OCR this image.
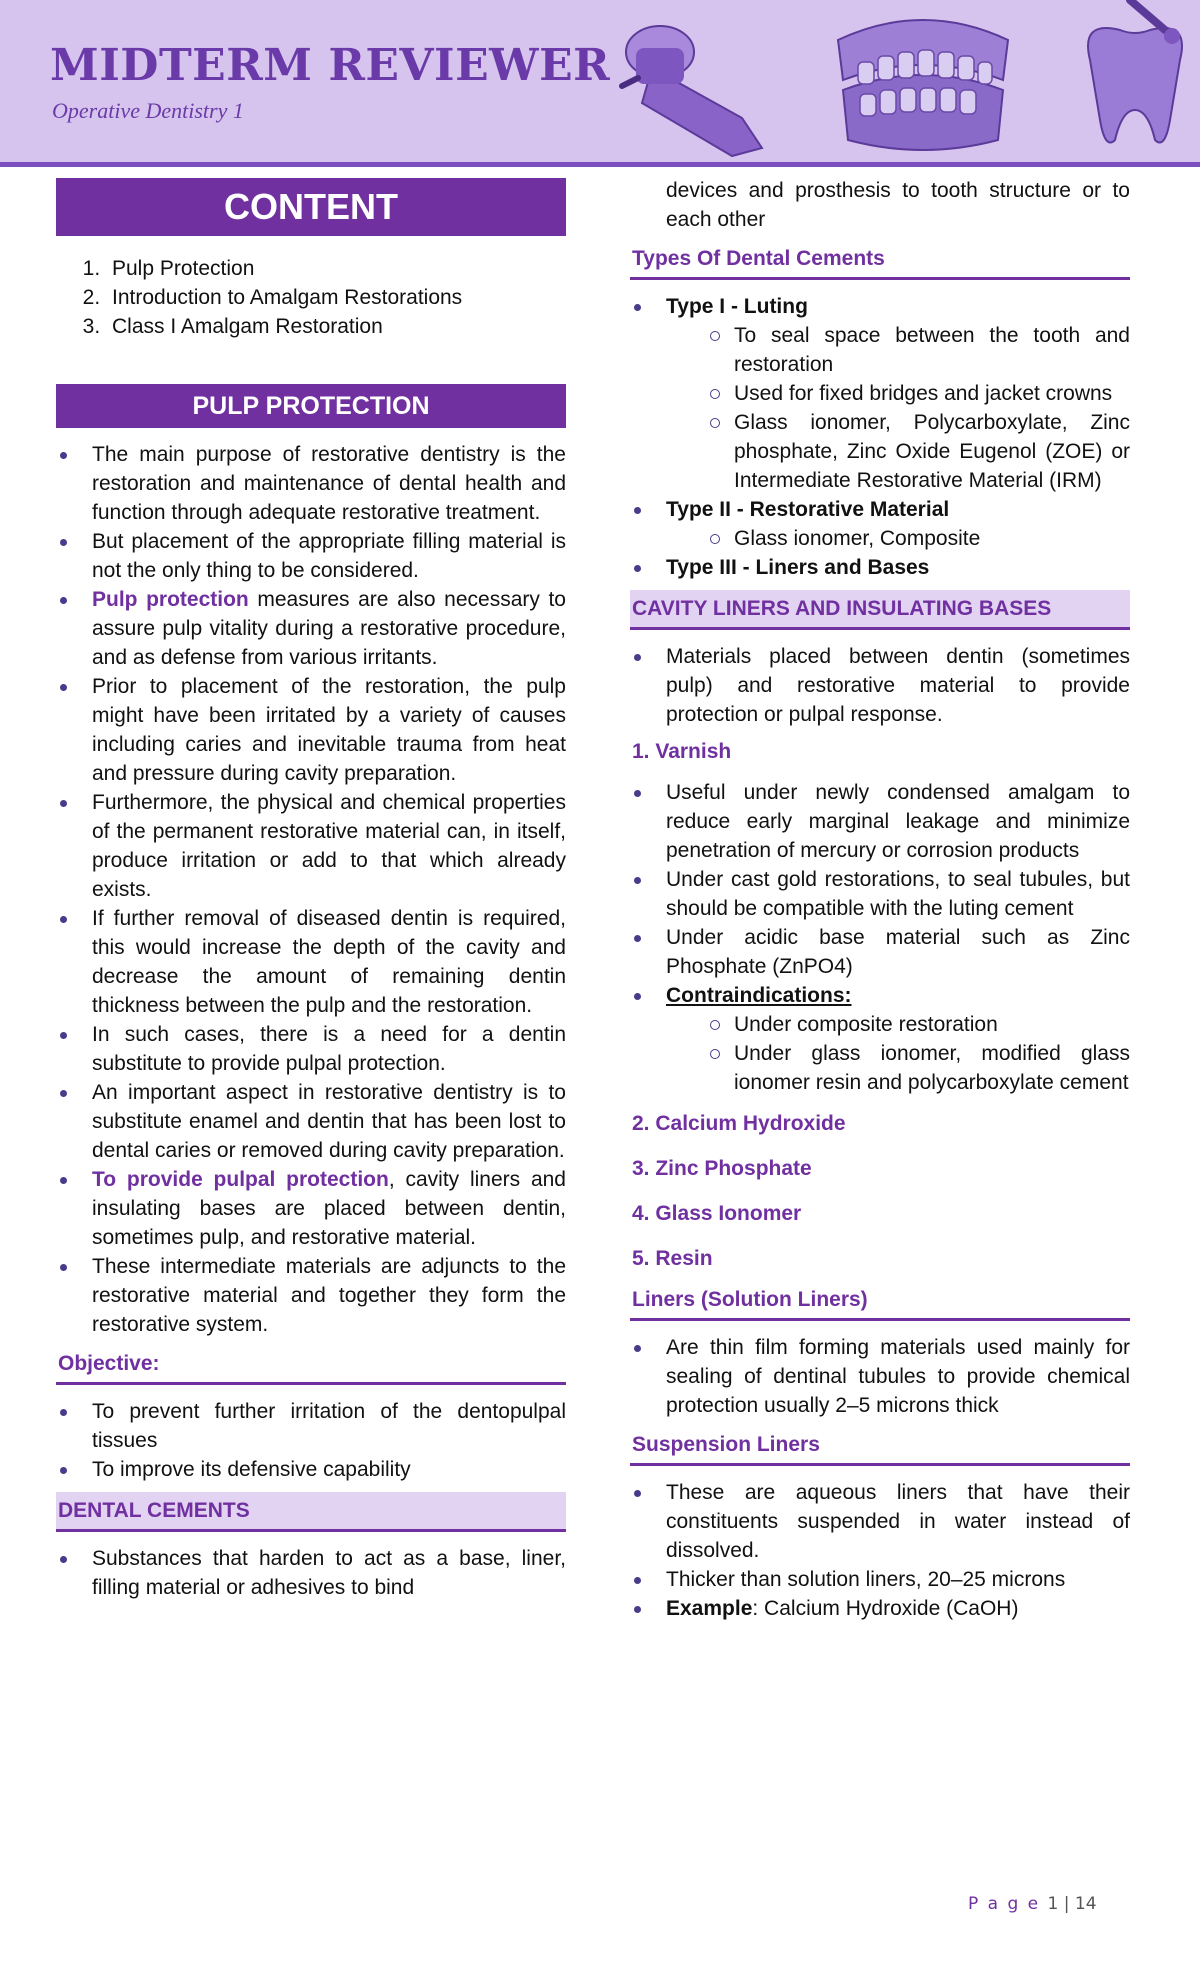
MIDTERM REVIEWER
Operative Dentistry 1
CONTENT
1. Pulp Protection
2. Introduction to Amalgam Restorations
3. Class I Amalgam Restoration
PULP PROTECTION
The main purpose of restorative dentistry is the restoration and maintenance of dental health and function through adequate restorative treatment.
But placement of the appropriate filling material is not the only thing to be considered.
Pulp protection measures are also necessary to assure pulp vitality during a restorative procedure, and as defense from various irritants.
Prior to placement of the restoration, the pulp might have been irritated by a variety of causes including caries and inevitable trauma from heat and pressure during cavity preparation.
Furthermore, the physical and chemical properties of the permanent restorative material can, in itself, produce irritation or add to that which already exists.
If further removal of diseased dentin is required, this would increase the depth of the cavity and decrease the amount of remaining dentin thickness between the pulp and the restoration.
In such cases, there is a need for a dentin substitute to provide pulpal protection.
An important aspect in restorative dentistry is to substitute enamel and dentin that has been lost to dental caries or removed during cavity preparation.
To provide pulpal protection, cavity liners and insulating bases are placed between dentin, sometimes pulp, and restorative material.
These intermediate materials are adjuncts to the restorative material and together they form the restorative system.
Objective:
To prevent further irritation of the dentopulpal tissues
To improve its defensive capability
DENTAL CEMENTS
Substances that harden to act as a base, liner, filling material or adhesives to bind
devices and prosthesis to tooth structure or to each other
Types Of Dental Cements
Type I - Luting
To seal space between the tooth and restoration
Used for fixed bridges and jacket crowns
Glass ionomer, Polycarboxylate, Zinc phosphate, Zinc Oxide Eugenol (ZOE) or Intermediate Restorative Material (IRM)
Type II - Restorative Material
Glass ionomer, Composite
Type III - Liners and Bases
CAVITY LINERS AND INSULATING BASES
Materials placed between dentin (sometimes pulp) and restorative material to provide protection or pulpal response.
1. Varnish
Useful under newly condensed amalgam to reduce early marginal leakage and minimize penetration of mercury or corrosion products
Under cast gold restorations, to seal tubules, but should be compatible with the luting cement
Under acidic base material such as Zinc Phosphate (ZnPO4)
Contraindications:
Under composite restoration
Under glass ionomer, modified glass ionomer resin and polycarboxylate cement
2. Calcium Hydroxide
3. Zinc Phosphate
4. Glass Ionomer
5. Resin
Liners (Solution Liners)
Are thin film forming materials used mainly for sealing of dentinal tubules to provide chemical protection usually 2–5 microns thick
Suspension Liners
These are aqueous liners that have their constituents suspended in water instead of dissolved.
Thicker than solution liners, 20–25 microns
Example: Calcium Hydroxide (CaOH)
P a g e 1 | 14
